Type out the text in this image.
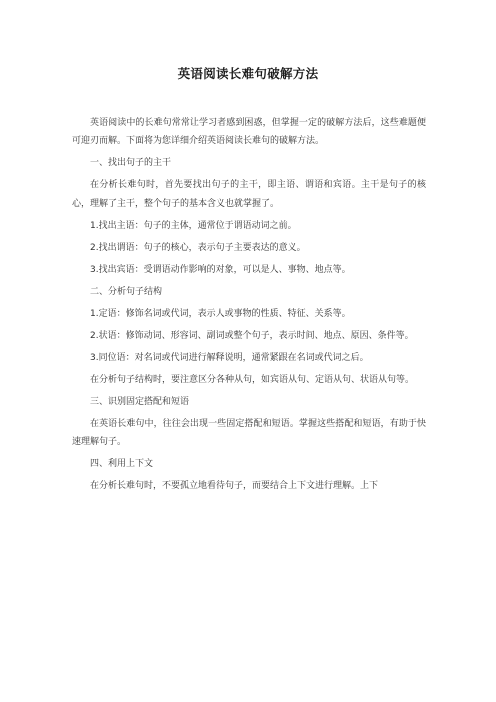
英语阅读长难句破解方法

英语阅读中的长难句常常让学习者感到困惑，但掌握一定的破解方法后，这些难题便可迎刃而解。下面将为您详细介绍英语阅读长难句的破解方法。

一、找出句子的主干

在分析长难句时，首先要找出句子的主干，即主语、谓语和宾语。主干是句子的核心，理解了主干，整个句子的基本含义也就掌握了。

1.找出主语：句子的主体，通常位于谓语动词之前。

2.找出谓语：句子的核心，表示句子主要表达的意义。

3.找出宾语：受谓语动作影响的对象，可以是人、事物、地点等。

二、分析句子结构

1.定语：修饰名词或代词，表示人或事物的性质、特征、关系等。

2.状语：修饰动词、形容词、副词或整个句子，表示时间、地点、原因、条件等。

3.同位语：对名词或代词进行解释说明，通常紧跟在名词或代词之后。

在分析句子结构时，要注意区分各种从句，如宾语从句、定语从句、状语从句等。

三、识别固定搭配和短语

在英语长难句中，往往会出现一些固定搭配和短语。掌握这些搭配和短语，有助于快速理解句子。

四、利用上下文

在分析长难句时，不要孤立地看待句子，而要结合上下文进行理解。上下
